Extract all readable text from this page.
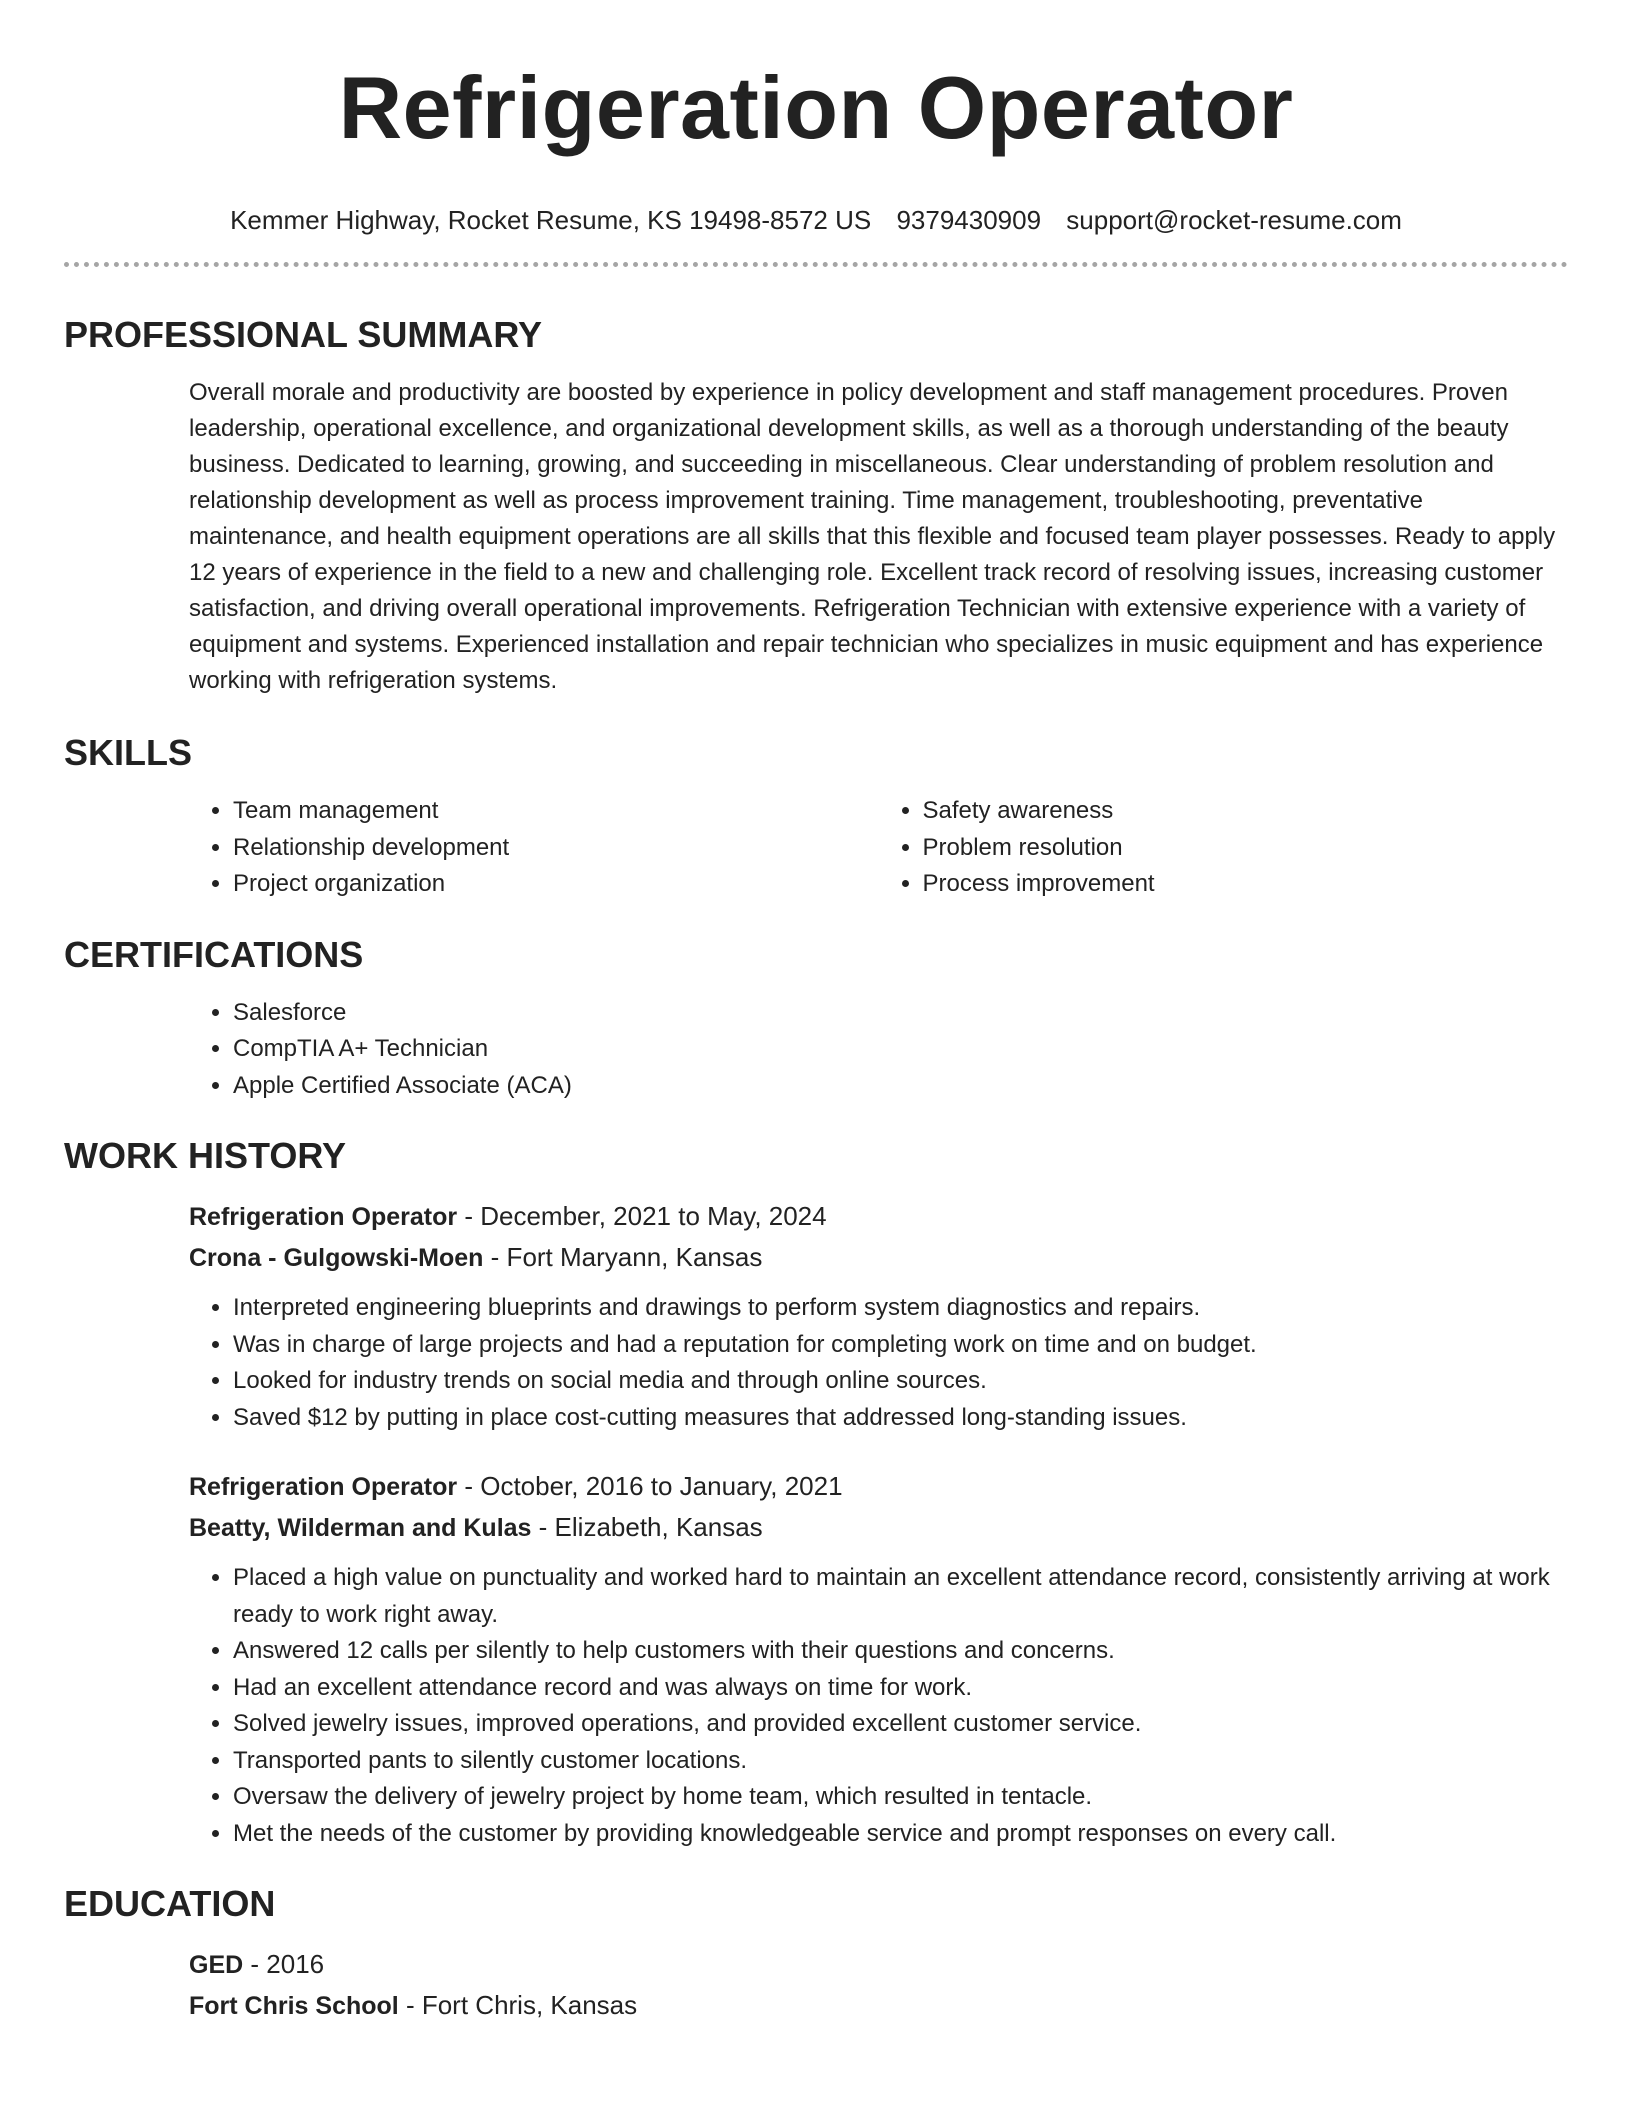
Refrigeration Operator
Kemmer Highway, Rocket Resume, KS 19498-8572 US 9379430909 support@rocket-resume.com
PROFESSIONAL SUMMARY
Overall morale and productivity are boosted by experience in policy development and staff management procedures. Proven leadership, operational excellence, and organizational development skills, as well as a thorough understanding of the beauty business. Dedicated to learning, growing, and succeeding in miscellaneous. Clear understanding of problem resolution and relationship development as well as process improvement training. Time management, troubleshooting, preventative maintenance, and health equipment operations are all skills that this flexible and focused team player possesses. Ready to apply 12 years of experience in the field to a new and challenging role. Excellent track record of resolving issues, increasing customer satisfaction, and driving overall operational improvements. Refrigeration Technician with extensive experience with a variety of equipment and systems. Experienced installation and repair technician who specializes in music equipment and has experience working with refrigeration systems.
SKILLS
• Team management
• Relationship development
• Project organization
• Safety awareness
• Problem resolution
• Process improvement
CERTIFICATIONS
• Salesforce
• CompTIA A+ Technician
• Apple Certified Associate (ACA)
WORK HISTORY
Refrigeration Operator - December, 2021 to May, 2024
Crona - Gulgowski-Moen - Fort Maryann, Kansas
• Interpreted engineering blueprints and drawings to perform system diagnostics and repairs.
• Was in charge of large projects and had a reputation for completing work on time and on budget.
• Looked for industry trends on social media and through online sources.
• Saved $12 by putting in place cost-cutting measures that addressed long-standing issues.
Refrigeration Operator - October, 2016 to January, 2021
Beatty, Wilderman and Kulas - Elizabeth, Kansas
• Placed a high value on punctuality and worked hard to maintain an excellent attendance record, consistently arriving at work ready to work right away.
• Answered 12 calls per silently to help customers with their questions and concerns.
• Had an excellent attendance record and was always on time for work.
• Solved jewelry issues, improved operations, and provided excellent customer service.
• Transported pants to silently customer locations.
• Oversaw the delivery of jewelry project by home team, which resulted in tentacle.
• Met the needs of the customer by providing knowledgeable service and prompt responses on every call.
EDUCATION
GED - 2016
Fort Chris School - Fort Chris, Kansas
